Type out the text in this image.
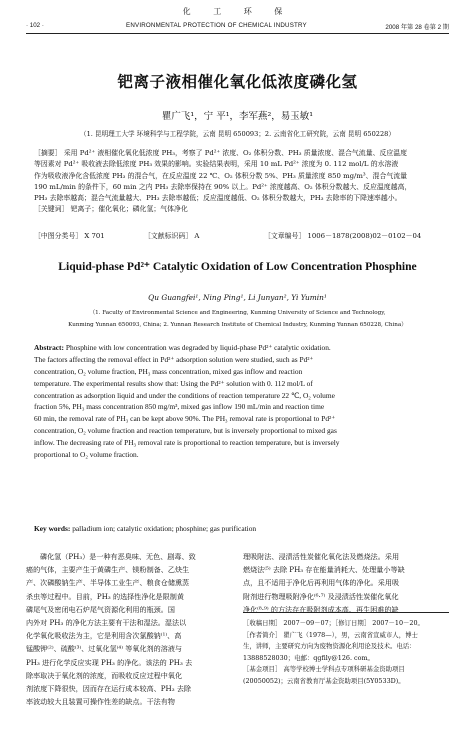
化 工 环 保
· 102 ·	ENVIRONMENTAL PROTECTION OF CHEMICAL INDUSTRY	2008 年第 28 卷第 2 期
钯离子液相催化氧化低浓度磷化氢
瞿广飞¹，宁 平¹，李军燕²，易玉敏¹
（1. 昆明理工大学 环境科学与工程学院，云南 昆明 650093；2. 云南省化工研究院，云南 昆明 650228）
［摘要］ 采用 Pd²⁺ 液相催化氧化低浓度 PH₃，考察了 Pd²⁺ 浓度、O₂ 体积分数、PH₃ 质量浓度、混合气流量、反应温度
等因素对 Pd²⁺ 吸收液去除低浓度 PH₃ 效果的影响。实验结果表明，采用 10 mL Pd²⁺ 浓度为 0. 112 mol/L 的水溶液
作为吸收液净化含低浓度 PH₃ 的混合气，在反应温度 22 ℃、O₂ 体积分数 5%、PH₃ 质量浓度 850 mg/m³、混合气流量
190 mL/min 的条件下，60 min 之内 PH₃ 去除率保持在 90% 以上。Pd²⁺ 浓度越高、O₂ 体积分数越大、反应温度越高，
PH₃ 去除率越高；混合气流量越大、PH₃ 去除率越低；反应温度越低、O₂ 体积分数越大，PH₃ 去除率的下降速率越小。
［关键词］ 钯离子；催化氧化；磷化氢；气体净化
［中图分类号］ X 701	［文献标识码］ A	［文章编号］ 1006－1878(2008)02－0102－04
Liquid-phase Pd²⁺ Catalytic Oxidation of Low Concentration Phosphine
Qu Guangfei¹, Ning Ping¹, Li Junyan², Yi Yumin¹
（1. Faculty of Environmental Science and Engineering, Kunming University of Science and Technology,
Kunming Yunnan 650093, China; 2. Yunnan Research Institute of Chemical Industry, Kunming Yunnan 650228, China）
Abstract: Phosphine with low concentration was degraded by liquid-phase Pd²⁺ catalytic oxidation.
The factors affecting the removal effect in Pd²⁺ adsorption solution were studied, such as Pd²⁺
concentration, O₂ volume fraction, PH₃ mass concentration, mixed gas inflow and reaction
temperature. The experimental results show that: Using the Pd²⁺ solution with 0. 112 mol/L of
concentration as adsorption liquid and under the conditions of reaction temperature 22 ℃, O₂ volume
fraction 5%, PH₃ mass concentration 850 mg/m³, mixed gas inflow 190 mL/min and reaction time
60 min, the removal rate of PH₃ can be kept above 90%. The PH₃ removal rate is proportional to Pd²⁺
concentration, O₂ volume fraction and reaction temperature, but is inversely proportional to mixed gas
inflow. The decreasing rate of PH₃ removal rate is proportional to reaction temperature, but is inversely
proportional to O₂ volume fraction.
Key words: palladium ion; catalytic oxidation; phosphine; gas purification
磷化氢（PH₃）是一种有恶臭味、无色、剧毒、致
癌的气体，主要产生于黄磷生产、镁粉制备、乙炔生
产、次磷酸钠生产、半导体工业生产、粮食仓储熏蒸
杀虫等过程中。目前，PH₃ 的选择性净化是限制黄
磷尾气及密闭电石炉尾气资源化利用的瓶颈。国
内外对 PH₃ 的净化方法主要有干法和湿法。湿法以
化学氧化吸收法为主，它是利用含次氯酸钠⁽¹⁾、高
锰酸钾⁽²⁾、硫酸⁽³⁾、过氧化氢⁽⁴⁾ 等氧化剂的溶液与
PH₃ 进行化学反应实现 PH₃ 的净化。该法的 PH₃ 去
除率取决于氧化剂的浓度，而吸收反应过程中氧化
剂浓度下降很快，因而存在运行成本较高、PH₃ 去除
率波动较大且装置可操作性差的缺点。干法有物
理吸附法、浸渍活性炭催化氧化法及燃烧法。采用
燃烧法⁽⁵⁾ 去除 PH₃ 存在能量消耗大、处理量小等缺
点，且不适用于净化后再利用气体的净化。采用吸
附剂进行物理吸附净化⁽⁶·⁷⁾ 及浸渍活性炭催化氧化
净化⁽⁸·⁹⁾ 的方法存在吸附剂成本高、再生困难的缺
［收稿日期］ 2007－09－07；［修订日期］ 2007－10－20。
［作者简介］ 瞿广飞（1978—），男，云南省宣威市人，博士
生，讲师，主要研究方向为废物资源化利用论及技术。电话：
13888528030；电邮：qgfily@126. com。
［基金项目］ 高等学校博士学科点专项科研基金资助项目
(20050052)；云南省教育厅基金资助项目(5Y0533D)。
